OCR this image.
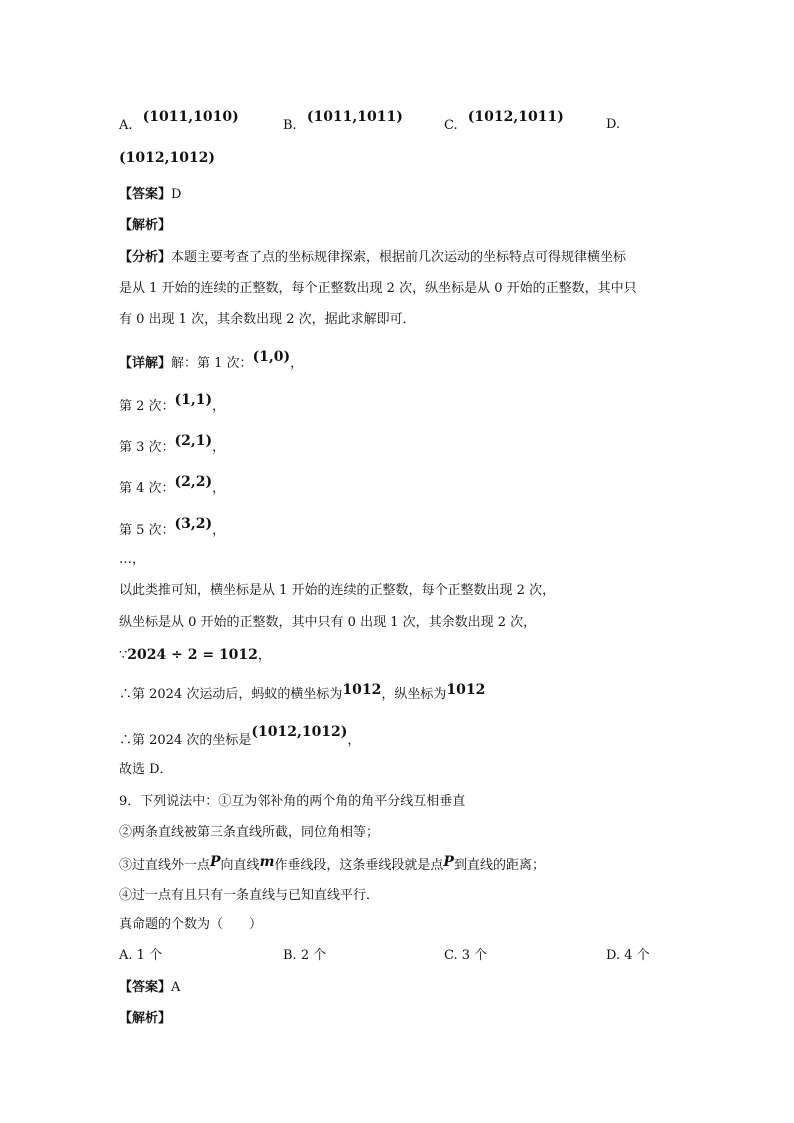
A. (1011,1010)
B. (1011,1011)
C. (1012,1011)	D.
(1012,1012)
【答案】D
【解析】
【分析】本题主要考查了点的坐标规律探索，根据前几次运动的坐标特点可得规律横坐标
是从 1 开始的连续的正整数，每个正整数出现 2 次，纵坐标是从 0 开始的正整数，其中只
有 0 出现 1 次，其余数出现 2 次，据此求解即可．
【详解】解：第 1 次：(1,0)，
第 2 次：(1,1)，
第 3 次：(2,1)，
第 4 次：(2,2)，
第 5 次：(3,2)，
…，
以此类推可知，横坐标是从 1 开始的连续的正整数，每个正整数出现 2 次，
纵坐标是从 0 开始的正整数，其中只有 0 出现 1 次，其余数出现 2 次，
∵2024 ÷ 2 = 1012，
∴第 2024 次运动后，蚂蚁的横坐标为1012，纵坐标为1012
∴第 2024 次的坐标是(1012,1012)，
故选 D．
9．下列说法中：①互为邻补角的两个角的角平分线互相垂直
②两条直线被第三条直线所截，同位角相等；
③过直线外一点P向直线m作垂线段，这条垂线段就是点P到直线的距离；
④过一点有且只有一条直线与已知直线平行．
真命题的个数为（　　）
A. 1 个	B. 2 个	C. 3 个	D. 4 个
【答案】A
【解析】
